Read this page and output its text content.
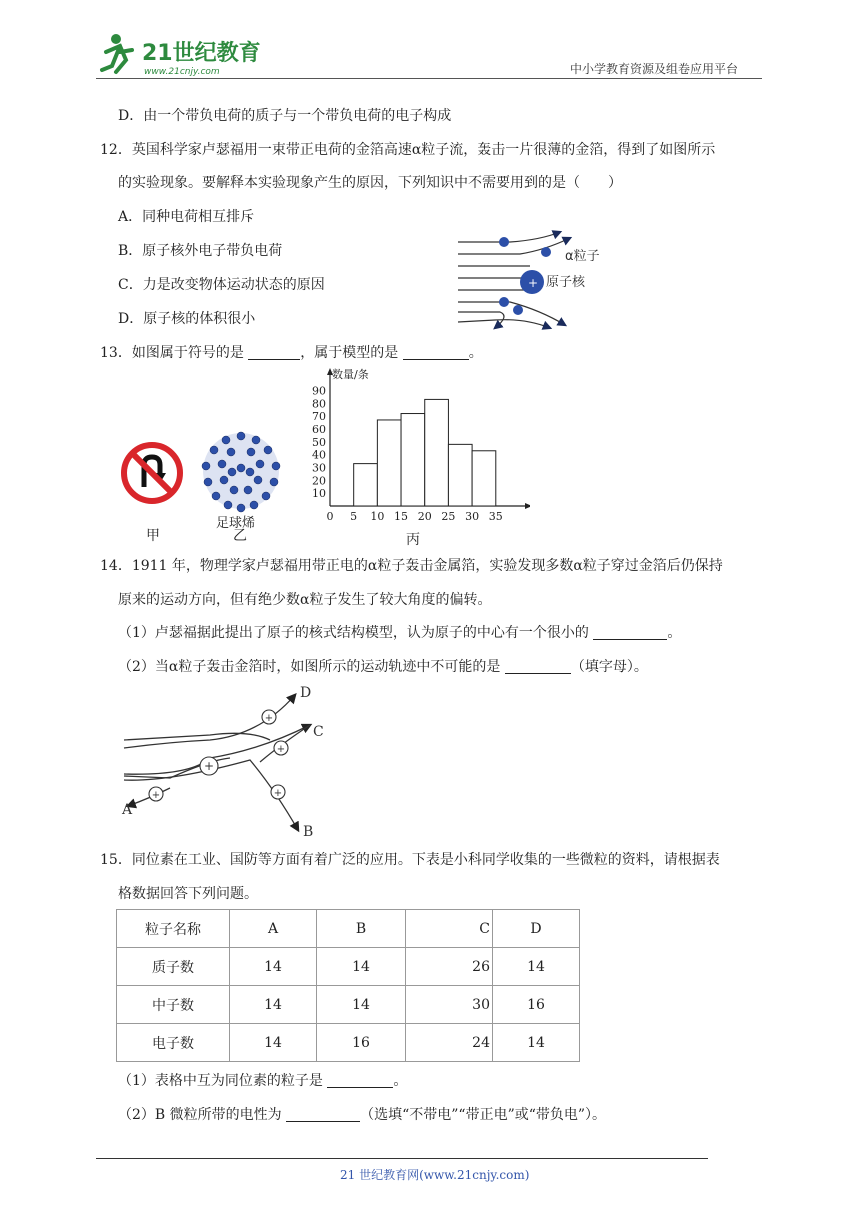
21世纪教育
www.21cnjy.com	中小学教育资源及组卷应用平台
D．由一个带负电荷的质子与一个带负电荷的电子构成
12．英国科学家卢瑟福用一束带正电荷的金箔高速α粒子流，轰击一片很薄的金箔，得到了如图所示
的实验现象。要解释本实验现象产生的原因，下列知识中不需要用到的是（　　）
A．同种电荷相互排斥
B．原子核外电子带负电荷
C．力是改变物体运动状态的原因
D．原子核的体积很小
+
α粒子
原子核
13．如图属于符号的是	，属于模型的是	。
甲
足球烯
乙
0 5 10 15 20 25 30 35
10
20
30
40
50
60
70
80
90
数量/条
丙
14．1911 年，物理学家卢瑟福用带正电的α粒子轰击金属箔，实验发现多数α粒子穿过金箔后仍保持
原来的运动方向，但有绝少数α粒子发生了较大角度的偏转。
（1）卢瑟福据此提出了原子的核式结构模型，认为原子的中心有一个很小的	。
（2）当α粒子轰击金箔时，如图所示的运动轨迹中不可能的是	（填字母）。
+
+
+
+	+
A
B
C
D
15．同位素在工业、国防等方面有着广泛的应用。下表是小科同学收集的一些微粒的资料，请根据表
格数据回答下列问题。
粒子名称	A	B	C	D
质子数	14	14	26	14
中子数	14	14	30	16
电子数	14	16	24	14
（1）表格中互为同位素的粒子是	。
（2）B 微粒所带的电性为	（选填“不带电”“带正电”或“带负电”）。
21 世纪教育网(www.21cnjy.com)
